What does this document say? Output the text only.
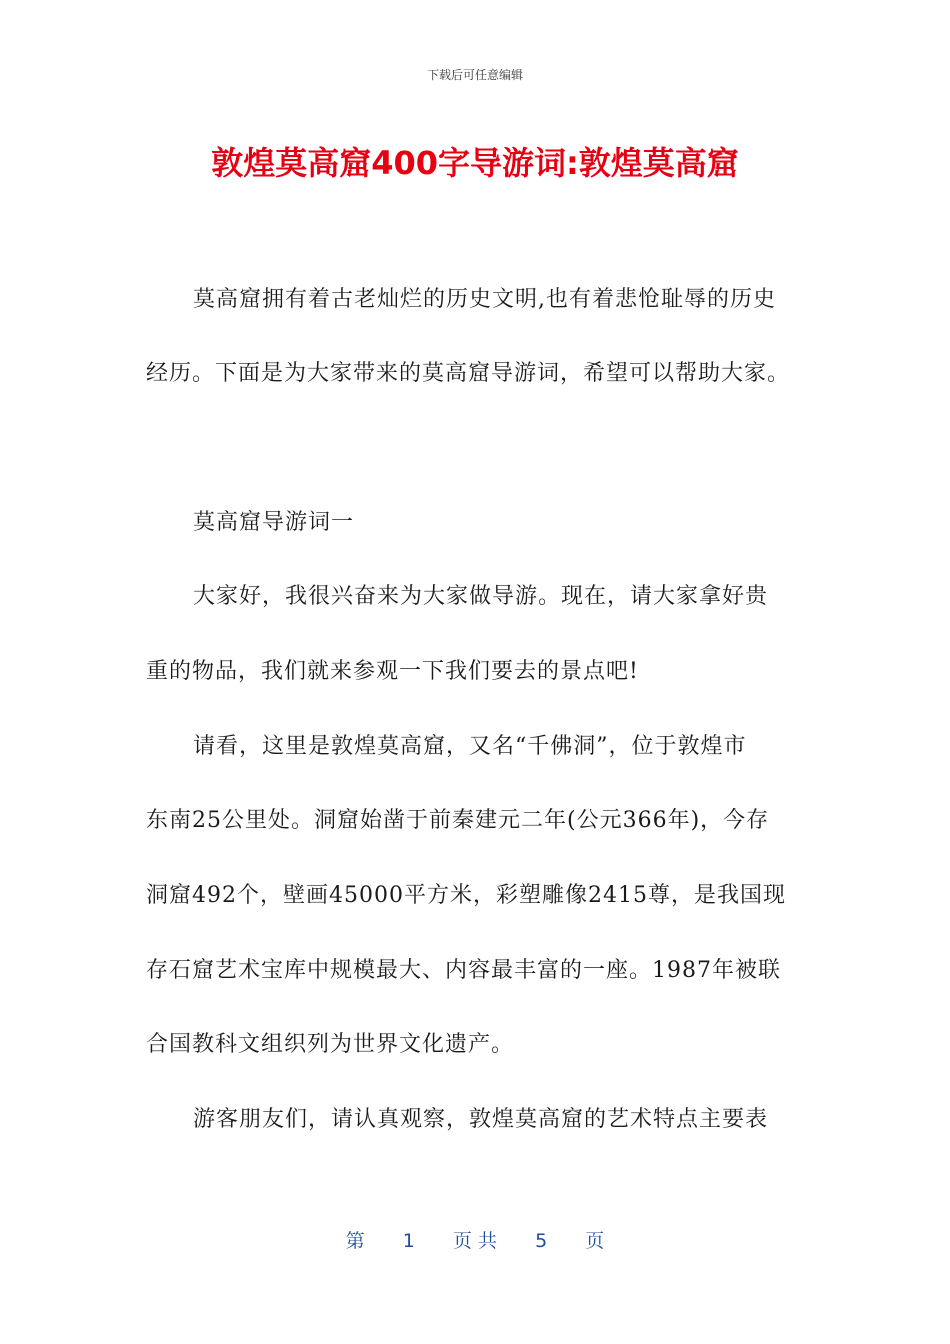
下载后可任意编辑
敦煌莫高窟400字导游词:敦煌莫高窟
莫高窟拥有着古老灿烂的历史文明,也有着悲怆耻辱的历史
经历。下面是为大家带来的莫高窟导游词，希望可以帮助大家。
莫高窟导游词一
大家好，我很兴奋来为大家做导游。现在，请大家拿好贵
重的物品，我们就来参观一下我们要去的景点吧!
请看，这里是敦煌莫高窟，又名“千佛洞”，位于敦煌市
东南25公里处。洞窟始凿于前秦建元二年(公元366年)，今存
洞窟492个，壁画45000平方米，彩塑雕像2415尊，是我国现
存石窟艺术宝库中规模最大、内容最丰富的一座。1987年被联
合国教科文组织列为世界文化遗产。
游客朋友们，请认真观察，敦煌莫高窟的艺术特点主要表
第 1 页 共 5 页
